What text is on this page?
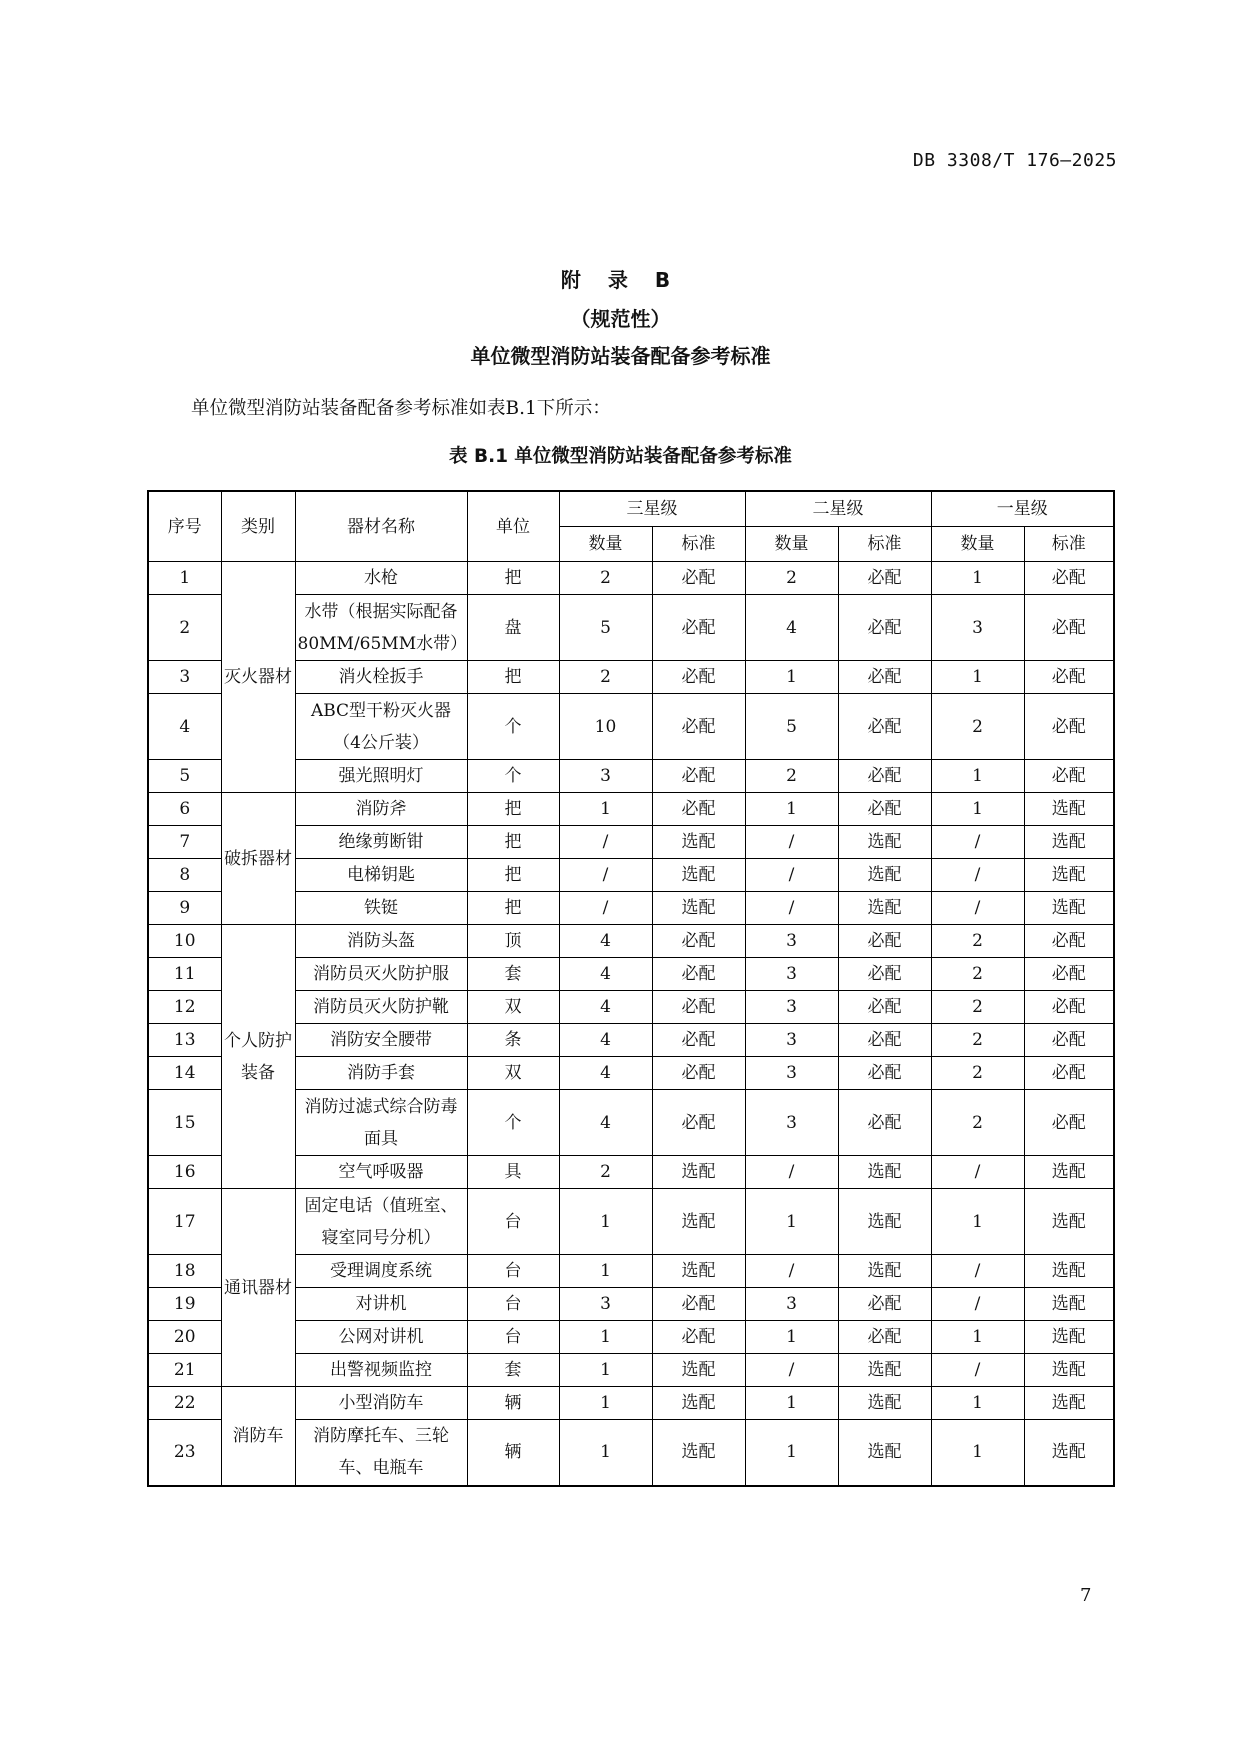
DB 3308/T 176—2025
附 录 B
（规范性）
单位微型消防站装备配备参考标准
单位微型消防站装备配备参考标准如表B.1下所示：
表 B.1 单位微型消防站装备配备参考标准
序号	类别	器材名称	单位	三星级		二星级		一星级	
				数量	标准	数量	标准	数量	标准
1	灭火器材	水枪	把	2	必配	2	必配	1	必配
2		水带（根据实际配备80MM/65MM水带）	盘	5	必配	4	必配	3	必配
3		消火栓扳手	把	2	必配	1	必配	1	必配
4		ABC型干粉灭火器（4公斤装）	个	10	必配	5	必配	2	必配
5		强光照明灯	个	3	必配	2	必配	1	必配
6	破拆器材	消防斧	把	1	必配	1	必配	1	选配
7		绝缘剪断钳	把	/	选配	/	选配	/	选配
8		电梯钥匙	把	/	选配	/	选配	/	选配
9		铁铤	把	/	选配	/	选配	/	选配
10	个人防护装备	消防头盔	顶	4	必配	3	必配	2	必配
11		消防员灭火防护服	套	4	必配	3	必配	2	必配
12		消防员灭火防护靴	双	4	必配	3	必配	2	必配
13		消防安全腰带	条	4	必配	3	必配	2	必配
14		消防手套	双	4	必配	3	必配	2	必配
15		消防过滤式综合防毒面具	个	4	必配	3	必配	2	必配
16		空气呼吸器	具	2	选配	/	选配	/	选配
17	通讯器材	固定电话（值班室、寝室同号分机）	台	1	选配	1	选配	1	选配
18		受理调度系统	台	1	选配	/	选配	/	选配
19		对讲机	台	3	必配	3	必配	/	选配
20		公网对讲机	台	1	必配	1	必配	1	选配
21		出警视频监控	套	1	选配	/	选配	/	选配
22	消防车	小型消防车	辆	1	选配	1	选配	1	选配
23		消防摩托车、三轮车、电瓶车	辆	1	选配	1	选配	1	选配
7
